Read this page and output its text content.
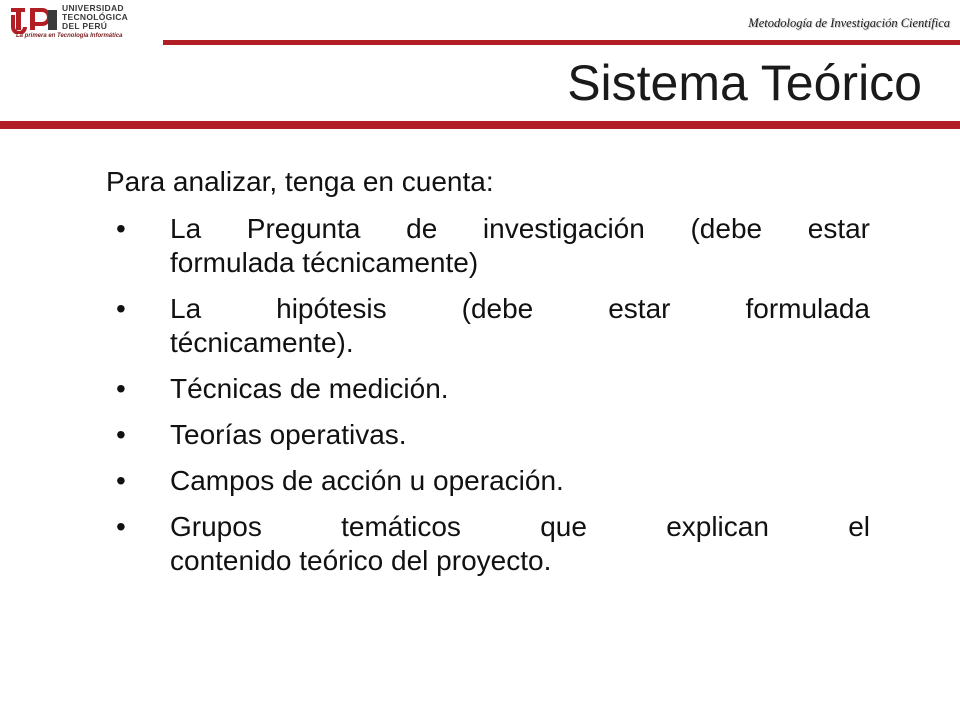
UNIVERSIDAD
TECNOLÓGICA
DEL PERÚ
La primera en Tecnología Informática
Metodología de Investigación Científica
Sistema Teórico

Para analizar, tenga en cuenta:

• La Pregunta de investigación (debe estar
formulada técnicamente)
• La hipótesis (debe estar formulada
técnicamente).
• Técnicas de medición.
• Teorías operativas.
• Campos de acción u operación.
• Grupos temáticos que explican el
contenido teórico del proyecto.
